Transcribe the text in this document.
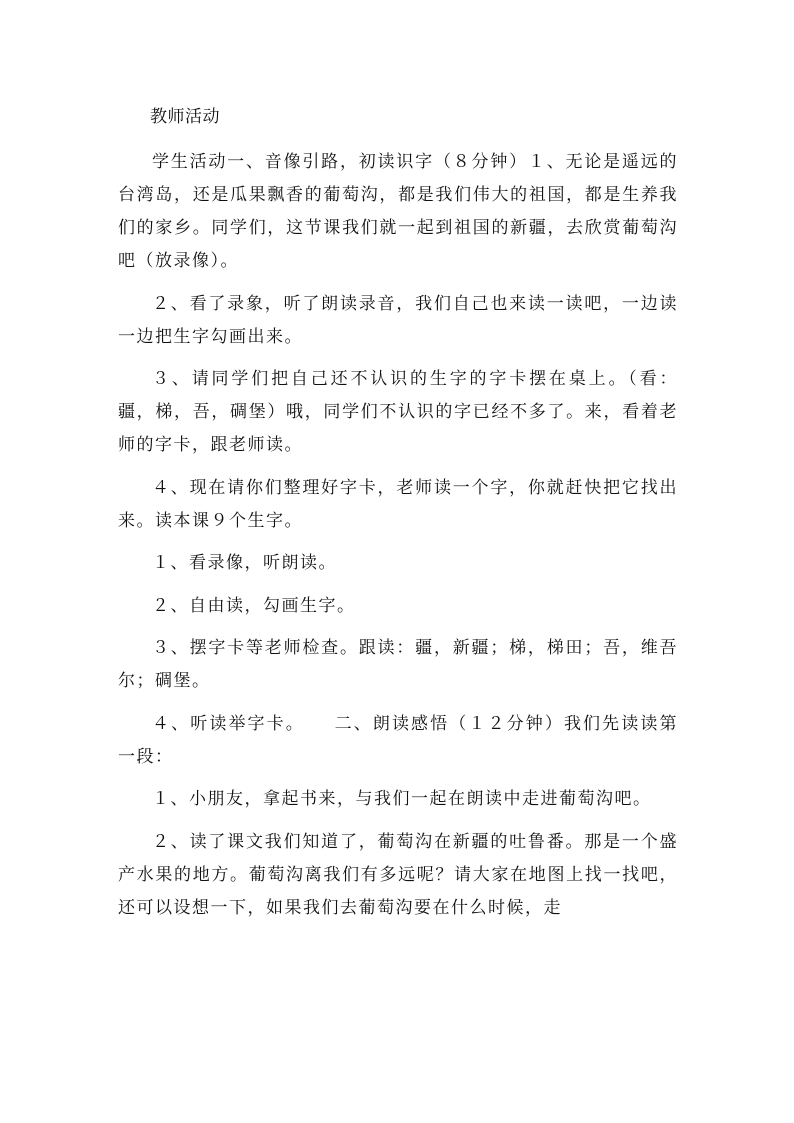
教师活动

学生活动一、音像引路，初读识字（８分钟）１、无论是遥远的台湾岛，还是瓜果飘香的葡萄沟，都是我们伟大的祖国，都是生养我们的家乡。同学们，这节课我们就一起到祖国的新疆，去欣赏葡萄沟吧（放录像）。

２、看了录象，听了朗读录音，我们自己也来读一读吧，一边读一边把生字勾画出来。

３、请同学们把自己还不认识的生字的字卡摆在桌上。（看：疆，梯，吾，碉堡）哦，同学们不认识的字已经不多了。来，看着老师的字卡，跟老师读。

４、现在请你们整理好字卡，老师读一个字，你就赶快把它找出来。读本课９个生字。

１、看录像，听朗读。

２、自由读，勾画生字。

３、摆字卡等老师检查。跟读：疆，新疆；梯，梯田；吾，维吾尔；碉堡。

４、听读举字卡。　　二、朗读感悟（１２分钟）我们先读读第一段：

１、小朋友，拿起书来，与我们一起在朗读中走进葡萄沟吧。

２、读了课文我们知道了，葡萄沟在新疆的吐鲁番。那是一个盛产水果的地方。葡萄沟离我们有多远呢？请大家在地图上找一找吧，还可以设想一下，如果我们去葡萄沟要在什么时候，走
